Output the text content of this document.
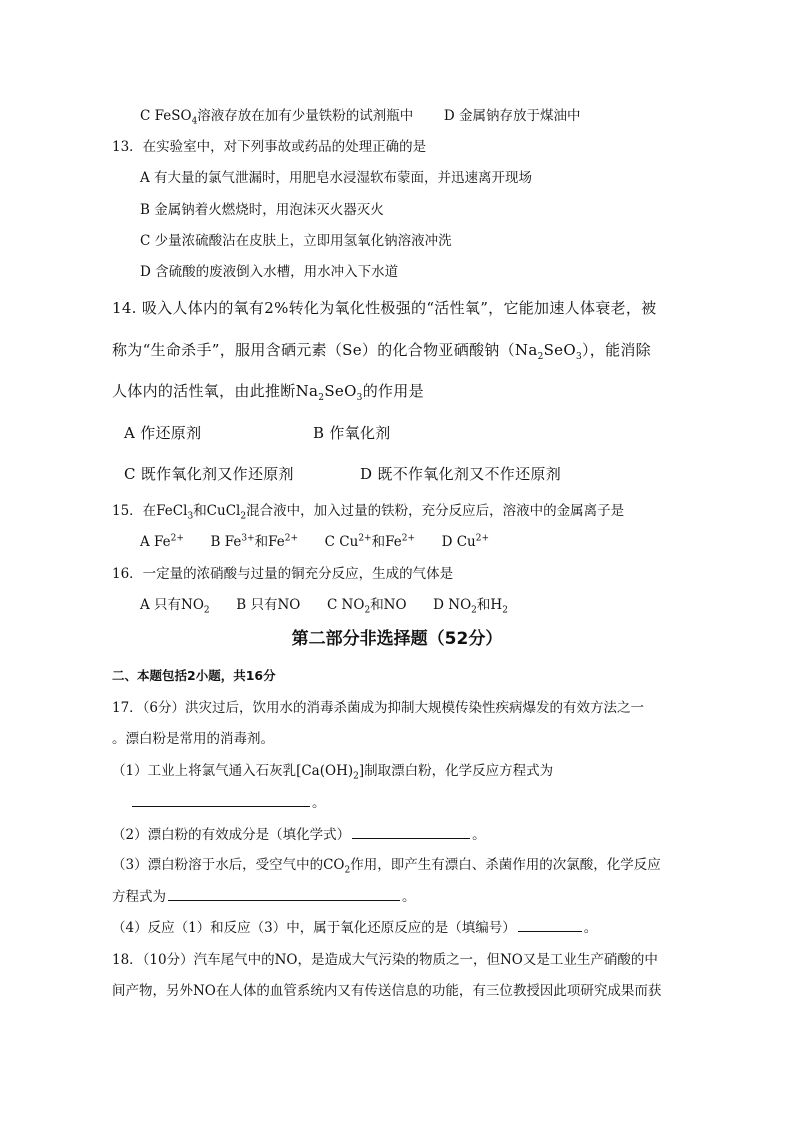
C FeSO$_4$溶液存放在加有少量铁粉的试剂瓶中 D 金属钠存放于煤油中
13．在实验室中，对下列事故或药品的处理正确的是
A 有大量的氯气泄漏时，用肥皂水浸湿软布蒙面，并迅速离开现场
B 金属钠着火燃烧时，用泡沫灭火器灭火
C 少量浓硫酸沾在皮肤上，立即用氢氧化钠溶液冲洗
D 含硫酸的废液倒入水槽，用水冲入下水道
14. 吸入人体内的氧有2%转化为氧化性极强的“活性氧”，它能加速人体衰老，被
称为“生命杀手”，服用含硒元素（Se）的化合物亚硒酸钠$(Na_2SeO_3)$，能消除
人体内的活性氧，由此推断$Na_2SeO_3$的作用是
A 作还原剂	B 作氧化剂
C 既作氧化剂又作还原剂	D 既不作氧化剂又不作还原剂
15．在FeCl$_3$和CuCl$_2$混合液中，加入过量的铁粉，充分反应后，溶液中的金属离子是
A $Fe^{2+}$ B $Fe^{3+}$和$Fe^{2+}$ C $Cu^{2+}$和$Fe^{2+}$ D $Cu^{2+}$
16．一定量的浓硝酸与过量的铜充分反应，生成的气体是
A 只有$NO_2$ B 只有NO C $NO_2$和NO D $NO_2$和$H_2$
第二部分非选择题（52分）
二、本题包括2小题，共16分
17．（6分）洪灾过后，饮用水的消毒杀菌成为抑制大规模传染性疾病爆发的有效方法之一
。漂白粉是常用的消毒剂。
（1）工业上将氯气通入石灰乳$[Ca(OH)_2]$制取漂白粉，化学反应方程式为
。
（2）漂白粉的有效成分是（填化学式）	。
（3）漂白粉溶于水后，受空气中的$CO_2$作用，即产生有漂白、杀菌作用的次氯酸，化学反应
方程式为	。
（4）反应（1）和反应（3）中，属于氧化还原反应的是（填编号）	。
18．（10分）汽车尾气中的NO，是造成大气污染的物质之一，但NO又是工业生产硝酸的中
间产物，另外NO在人体的血管系统内又有传送信息的功能，有三位教授因此项研究成果而获
